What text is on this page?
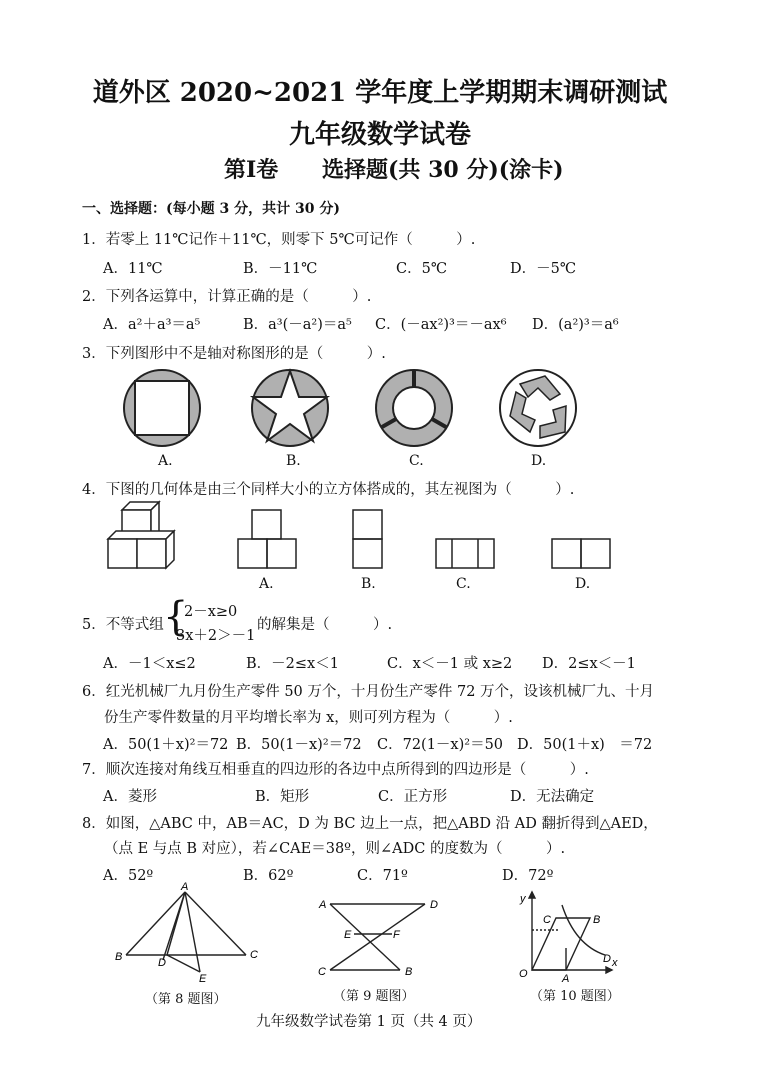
道外区 2020~2021 学年度上学期期末调研测试
九年级数学试卷
第Ⅰ卷 选择题(共 30 分)(涂卡)
一、选择题：(每小题 3 分，共计 30 分)
1．若零上 11℃记作＋11℃，则零下 5℃可记作（　　　）.
A．11℃	B．－11℃	C．5℃	D．－5℃
2．下列各运算中，计算正确的是（　　　）.
A．a²＋a³＝a⁵	B．a³(－a²)＝a⁵ C．(－ax²)³＝－ax⁶ D．(a²)³＝a⁶
3．下列图形中不是轴对称图形的是（　　　）.
A.	B.	C.	D.
4．下图的几何体是由三个同样大小的立方体搭成的，其左视图为（　　　）.
A.	B.	C.	D.
5．不等式组 {
2－x≥0
3x＋2＞－1
的解集是（　　　）.
A．－1＜x≤2	B．－2≤x＜1	C．x＜－1 或 x≥2 D．2≤x＜－1
6．红光机械厂九月份生产零件 50 万个，十月份生产零件 72 万个，设该机械厂九、十月
份生产零件数量的月平均增长率为 x，则可列方程为（　　　）.
A．50(1＋x)²＝72 B．50(1－x)²＝72 C．72(1－x)²＝50 D．50(1＋x)　＝72
7．顺次连接对角线互相垂直的四边形的各边中点所得到的四边形是（　　　）.
A．菱形	B．矩形	C．正方形	D．无法确定
8．如图，△ABC 中，AB＝AC，D 为 BC 边上一点，把△ABD 沿 AD 翻折得到△AED，
（点 E 与点 B 对应），若∠CAE＝38º，则∠ADC 的度数为（　　　）.
A．52º	B．62º	C．71º	D．72º
A
B	C
D
E
A	D
E	F
C	B
y
C	B
O	A
D x
（第 8 题图）	（第 9 题图）	（第 10 题图）
九年级数学试卷第 1 页（共 4 页）
